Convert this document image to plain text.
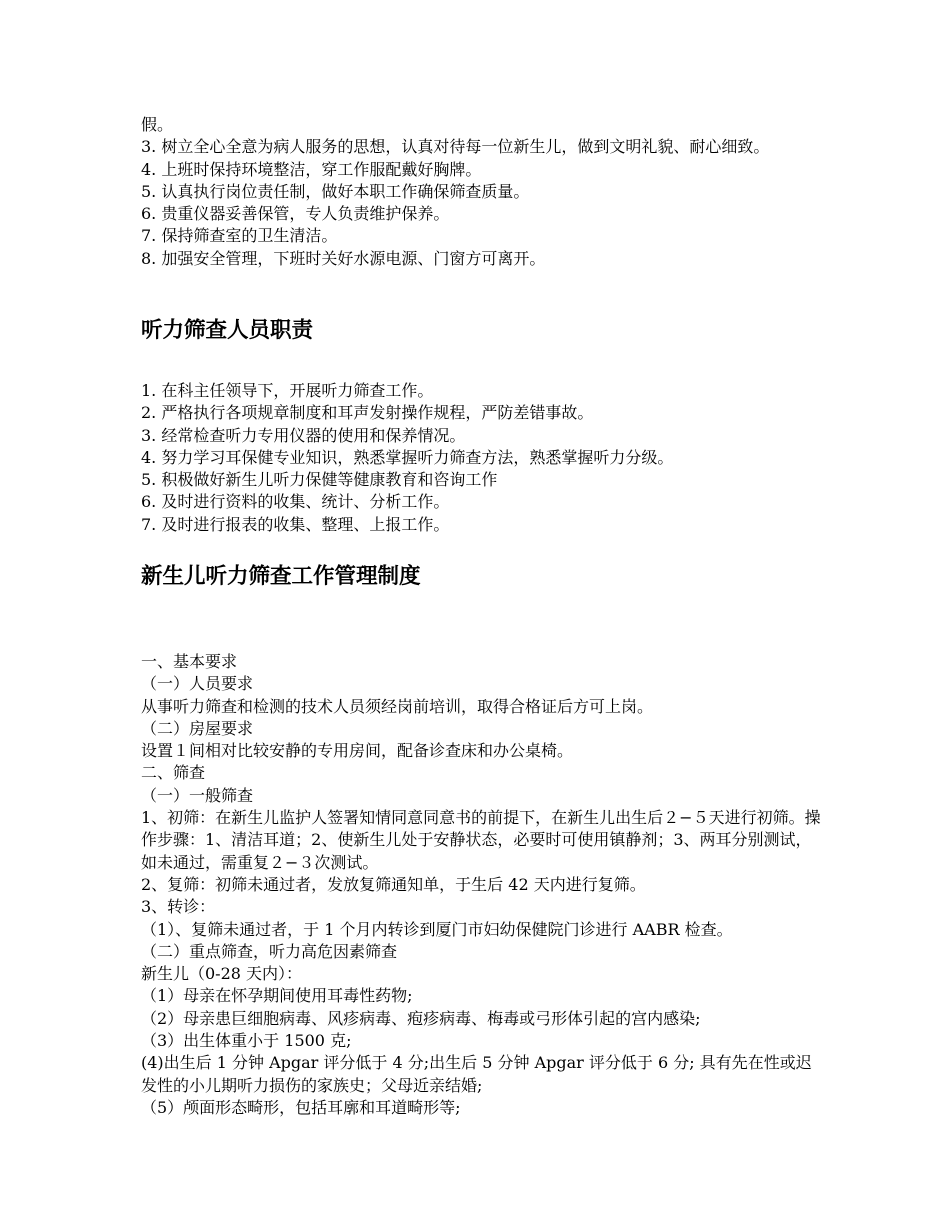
假。

3. 树立全心全意为病人服务的思想，认真对待每一位新生儿，做到文明礼貌、耐心细致。

4. 上班时保持环境整洁，穿工作服配戴好胸牌。

5. 认真执行岗位责任制，做好本职工作确保筛查质量。

6. 贵重仪器妥善保管，专人负责维护保养。

7. 保持筛查室的卫生清洁。

8. 加强安全管理，下班时关好水源电源、门窗方可离开。

听力筛查人员职责

1. 在科主任领导下，开展听力筛查工作。

2. 严格执行各项规章制度和耳声发射操作规程，严防差错事故。

3. 经常检查听力专用仪器的使用和保养情况。

4. 努力学习耳保健专业知识，熟悉掌握听力筛查方法，熟悉掌握听力分级。

5. 积极做好新生儿听力保健等健康教育和咨询工作

6. 及时进行资料的收集、统计、分析工作。

7. 及时进行报表的收集、整理、上报工作。

新生儿听力筛查工作管理制度

一、基本要求

（一）人员要求

从事听力筛查和检测的技术人员须经岗前培训，取得合格证后方可上岗。

（二）房屋要求

设置１间相对比较安静的专用房间，配备诊查床和办公桌椅。

二、筛查

（一）一般筛查

1、初筛：在新生儿监护人签署知情同意同意书的前提下，在新生儿出生后２−５天进行初筛。操作步骤：1、清洁耳道；2、使新生儿处于安静状态，必要时可使用镇静剂；3、两耳分别测试，如未通过，需重复２−３次测试。

2、复筛：初筛未通过者，发放复筛通知单，于生后 42 天内进行复筛。

3、转诊：

（1）、复筛未通过者，于 1 个月内转诊到厦门市妇幼保健院门诊进行 AABR 检查。

（二）重点筛查，听力高危因素筛查

新生儿（0-28 天内）：

（1）母亲在怀孕期间使用耳毒性药物;

（2）母亲患巨细胞病毒、风疹病毒、疱疹病毒、梅毒或弓形体引起的宫内感染;

（3）出生体重小于 1500 克;

(4)出生后 1 分钟 Apgar 评分低于 4 分;出生后 5 分钟 Apgar 评分低于 6 分; 具有先在性或迟发性的小儿期听力损伤的家族史；父母近亲结婚;

（5）颅面形态畸形，包括耳廓和耳道畸形等;
